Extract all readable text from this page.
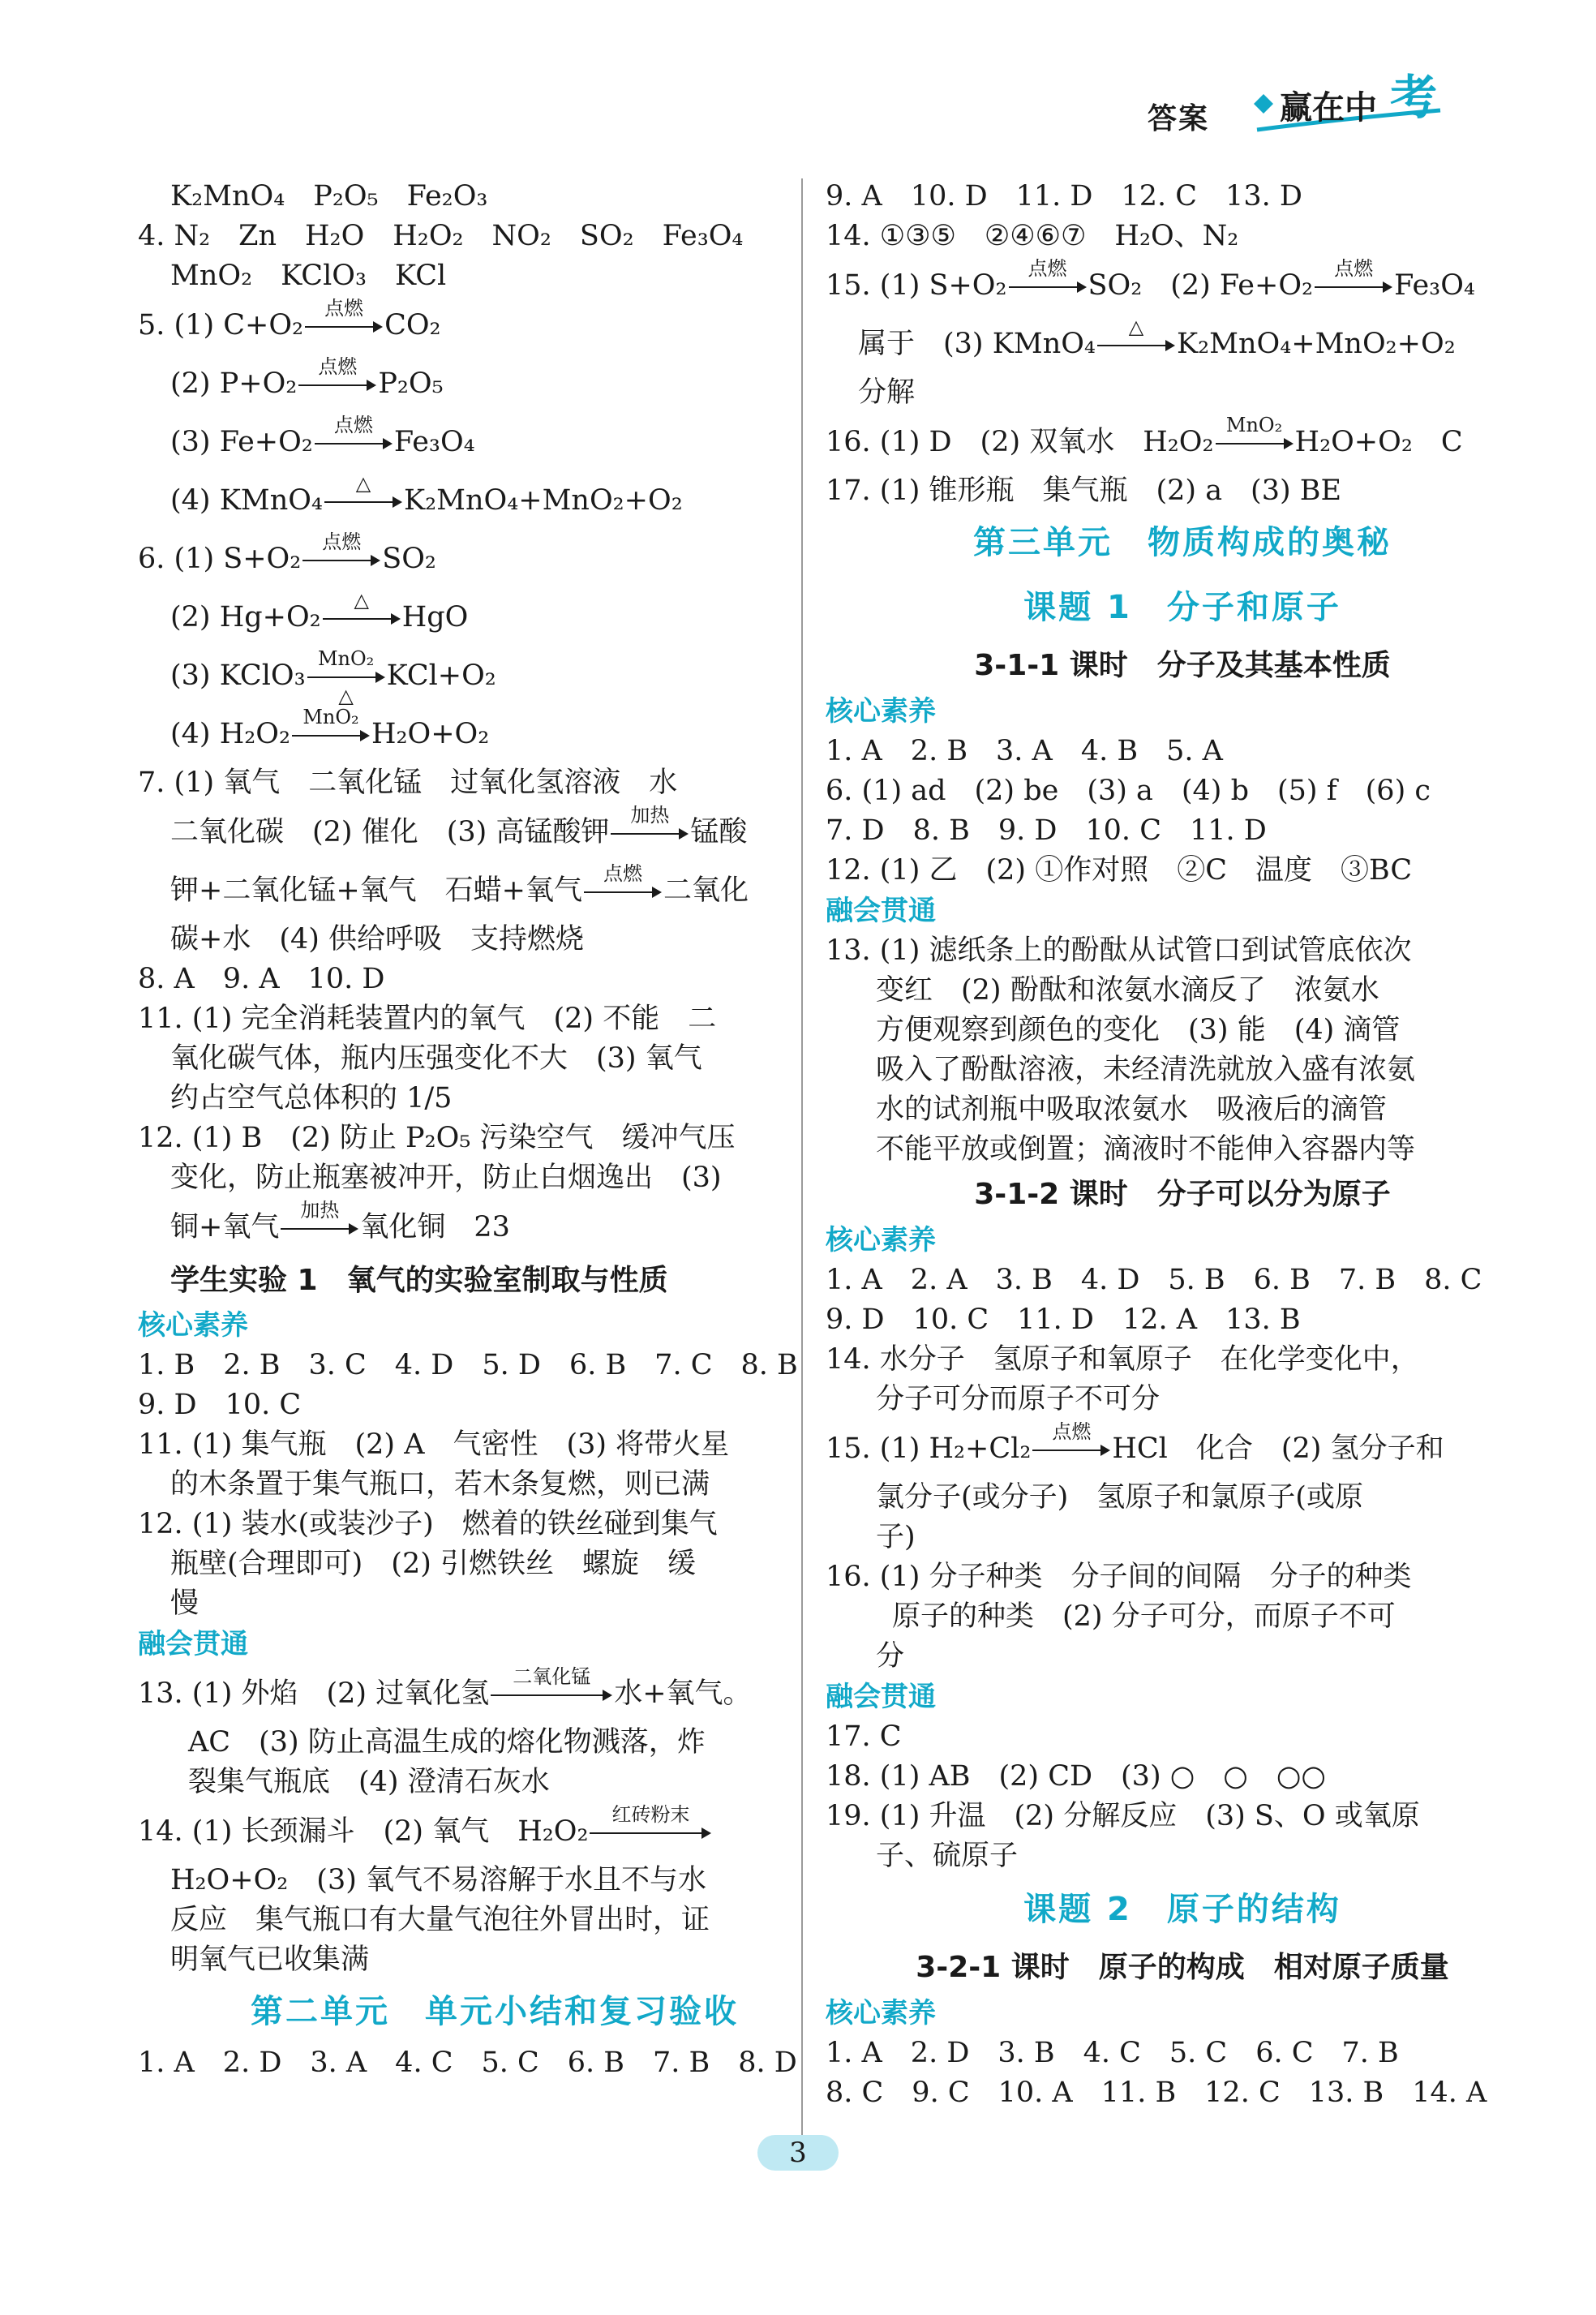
答案 赢在中 考
K₂MnO₄　P₂O₅　Fe₂O₃
4. N₂　Zn　H₂O　H₂O₂　NO₂　SO₂　Fe₃O₄
MnO₂　KClO₃　KCl
5. (1) C+O₂
点燃
CO₂
(2) P+O₂
点燃
P₂O₅
(3) Fe+O₂
点燃
Fe₃O₄
(4) KMnO₄
△
K₂MnO₄+MnO₂+O₂
6. (1) S+O₂
点燃
SO₂
(2) Hg+O₂
△
HgO
(3) KClO₃
MnO₂
△
KCl+O₂
(4) H₂O₂
MnO₂
H₂O+O₂
7. (1) 氧气　二氧化锰　过氧化氢溶液　水
二氧化碳　(2) 催化　(3) 高锰酸钾
加热
锰酸
钾+二氧化锰+氧气　石蜡+氧气
点燃
二氧化
碳+水　(4) 供给呼吸　支持燃烧
8. A　9. A　10. D
11. (1) 完全消耗装置内的氧气　(2) 不能　二
氧化碳气体，瓶内压强变化不大　(3) 氧气
约占空气总体积的 1/5
12. (1) B　(2) 防止 P₂O₅ 污染空气　缓冲气压
变化，防止瓶塞被冲开，防止白烟逸出　(3)
铜+氧气
加热
氧化铜　23
学生实验 1　氧气的实验室制取与性质
核心素养
1. B　2. B　3. C　4. D　5. D　6. B　7. C　8. B
9. D　10. C
11. (1) 集气瓶　(2) A　气密性　(3) 将带火星
的木条置于集气瓶口，若木条复燃，则已满
12. (1) 装水(或装沙子)　燃着的铁丝碰到集气
瓶壁(合理即可)　(2) 引燃铁丝　螺旋　缓
慢
融会贯通
13. (1) 外焰　(2) 过氧化氢
二氧化锰
水+氧气。
AC　(3) 防止高温生成的熔化物溅落，炸
裂集气瓶底　(4) 澄清石灰水
14. (1) 长颈漏斗　(2) 氧气　H₂O₂
红砖粉末
H₂O+O₂　(3) 氧气不易溶解于水且不与水
反应　集气瓶口有大量气泡往外冒出时，证
明氧气已收集满
第二单元　单元小结和复习验收
1. A　2. D　3. A　4. C　5. C　6. B　7. B　8. D
9. A　10. D　11. D　12. C　13. D
14. ①③⑤　②④⑥⑦　H₂O、N₂
15. (1) S+O₂
点燃
SO₂　(2) Fe+O₂
点燃
Fe₃O₄
属于　(3) KMnO₄
△
K₂MnO₄+MnO₂+O₂
分解
16. (1) D　(2) 双氧水　H₂O₂
MnO₂
H₂O+O₂　C
17. (1) 锥形瓶　集气瓶　(2) a　(3) BE
第三单元　物质构成的奥秘
课题 1　分子和原子
3-1-1 课时　分子及其基本性质
核心素养
1. A　2. B　3. A　4. B　5. A
6. (1) ad　(2) be　(3) a　(4) b　(5) f　(6) c
7. D　8. B　9. D　10. C　11. D
12. (1) 乙　(2) ①作对照　②C　温度　③BC
融会贯通
13. (1) 滤纸条上的酚酞从试管口到试管底依次
变红　(2) 酚酞和浓氨水滴反了　浓氨水
方便观察到颜色的变化　(3) 能　(4) 滴管
吸入了酚酞溶液，未经清洗就放入盛有浓氨
水的试剂瓶中吸取浓氨水　吸液后的滴管
不能平放或倒置；滴液时不能伸入容器内等
3-1-2 课时　分子可以分为原子
核心素养
1. A　2. A　3. B　4. D　5. B　6. B　7. B　8. C
9. D　10. C　11. D　12. A　13. B
14. 水分子　氢原子和氧原子　在化学变化中，
分子可分而原子不可分
15. (1) H₂+Cl₂
点燃
HCl　化合　(2) 氢分子和
氯分子(或分子)　氢原子和氯原子(或原
子)
16. (1) 分子种类　分子间的间隔　分子的种类
原子的种类　(2) 分子可分，而原子不可
分
融会贯通
17. C
18. (1) AB　(2) CD　(3) ○　○　○○
19. (1) 升温　(2) 分解反应　(3) S、O 或氧原
子、硫原子
课题 2　原子的结构
3-2-1 课时　原子的构成　相对原子质量
核心素养
1. A　2. D　3. B　4. C　5. C　6. C　7. B
8. C　9. C　10. A　11. B　12. C　13. B　14. A
3
